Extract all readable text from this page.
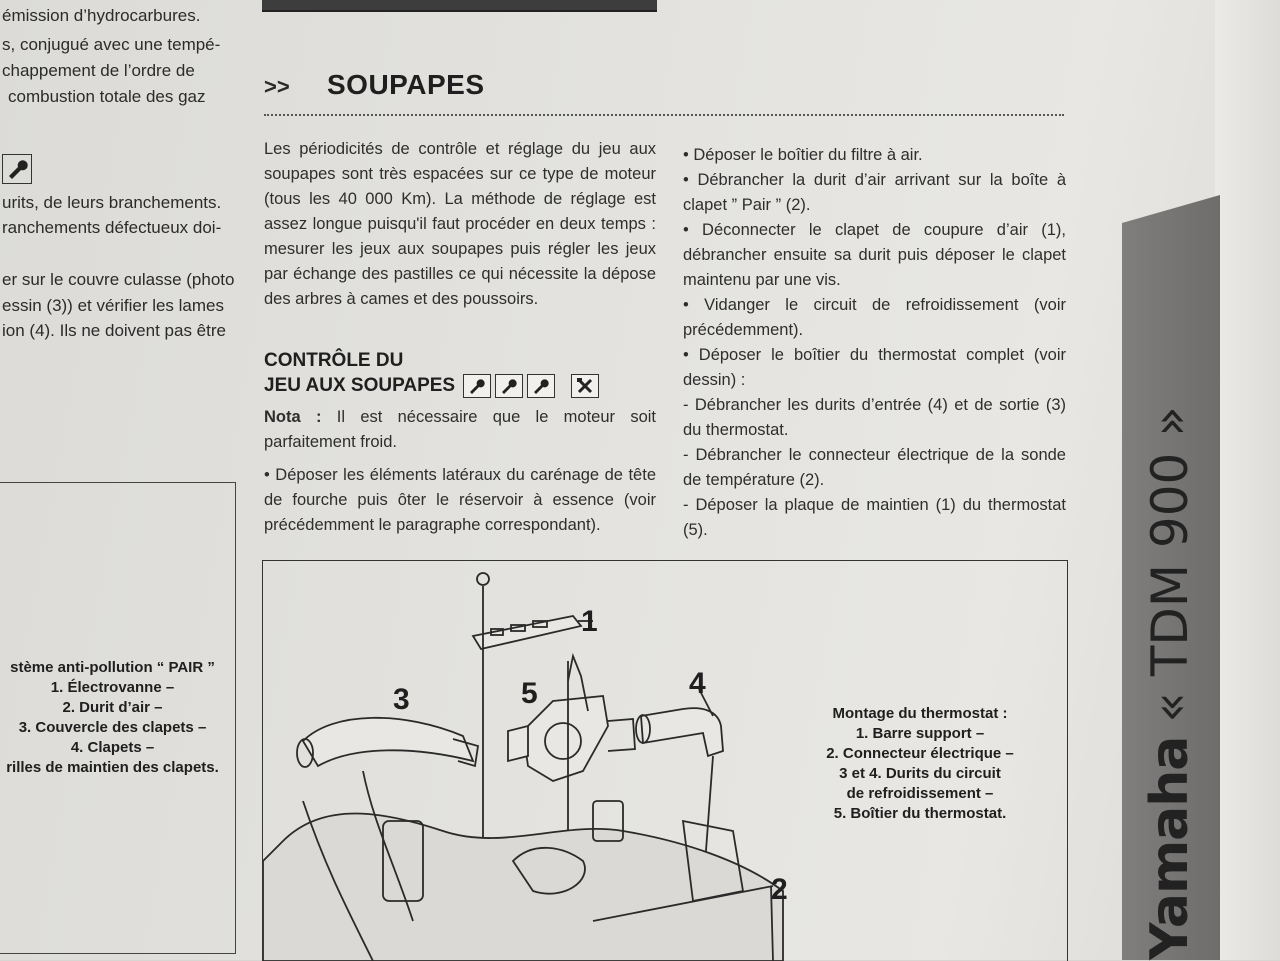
émission d’hydrocarbures.
s, conjugué avec une tempé-
chappement de l’ordre de
combustion totale des gaz
urits, de leurs branchements.
ranchements défectueux doi-
er sur le couvre culasse (photo
essin (3)) et vérifier les lames
ion (4). Ils ne doivent pas être
stème anti-pollution “ PAIR ”
1. Électrovanne –
2. Durit d’air –
3. Couvercle des clapets –
4. Clapets –
rilles de maintien des clapets.
>> SOUPAPES

Les périodicités de contrôle et réglage du jeu aux soupapes sont très espacées sur ce type de moteur (tous les 40 000 Km). La méthode de réglage est assez longue puisqu'il faut procéder en deux temps : mesurer les jeux aux soupapes puis régler les jeux par échange des pastilles ce qui nécessite la dépose des arbres à cames et des poussoirs.

CONTRÔLE DU
JEU AUX SOUPAPES

Nota : Il est nécessaire que le moteur soit parfaitement froid.

• Déposer les éléments latéraux du carénage de tête de fourche puis ôter le réservoir à essence (voir précédemment le paragraphe correspondant).

• Déposer le boîtier du filtre à air.

• Débrancher la durit d’air arrivant sur la boîte à clapet ” Pair ” (2).

• Déconnecter le clapet de coupure d’air (1), débrancher ensuite sa durit puis déposer le clapet maintenu par une vis.

• Vidanger le circuit de refroidissement (voir précédemment).

• Déposer le boîtier du thermostat complet (voir dessin) :

- Débrancher les durits d’entrée (4) et de sortie (3) du thermostat.

- Débrancher le connecteur électrique de la sonde de température (2).

- Déposer la plaque de maintien (1) du thermostat (5).

1
2
3	4
5
Montage du thermostat :
1. Barre support –
2. Connecteur électrique –
3 et 4. Durits du circuit
de refroidissement –
5. Boîtier du thermostat.	Yamaha
« TDM 900 »
